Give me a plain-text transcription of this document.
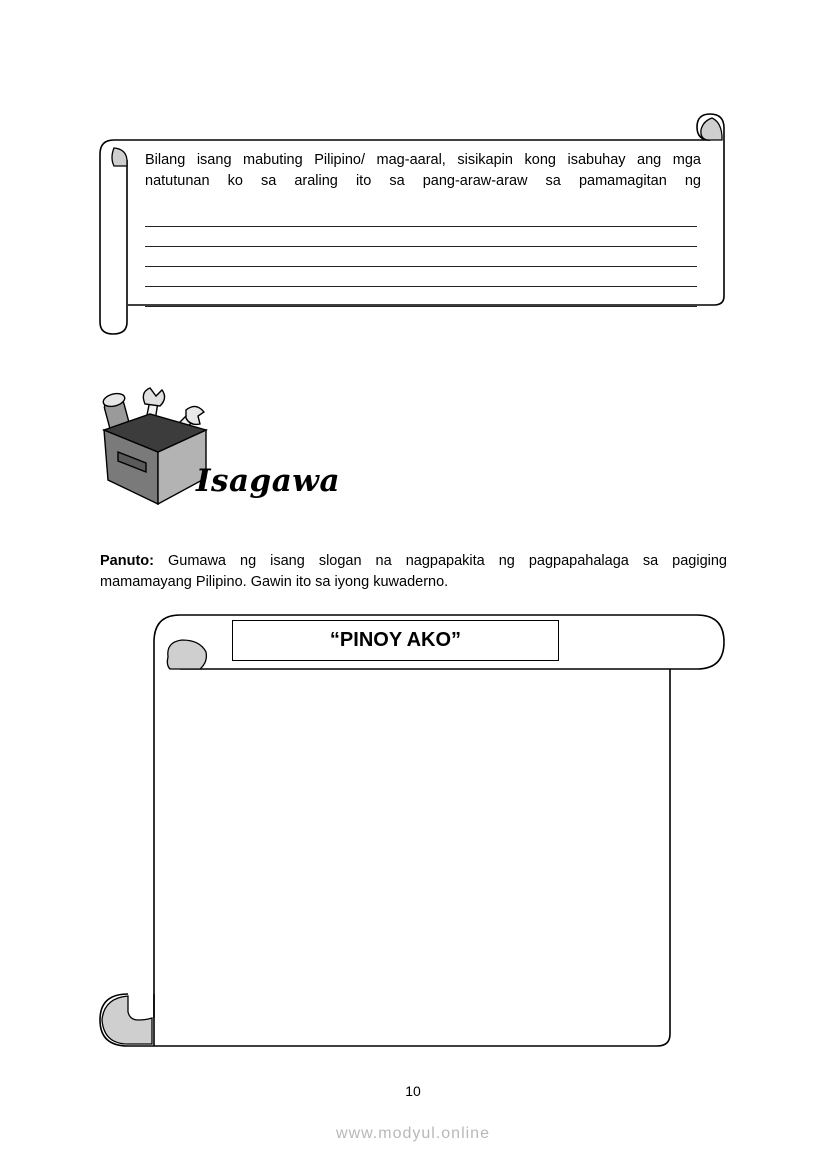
Bilang isang mabuting Pilipino/ mag-aaral, sisikapin kong isabuhay ang mga
natutunan ko sa araling ito sa pang-araw-araw sa pamamagitan ng
Isagawa
Panuto: Gumawa ng isang slogan na nagpapakita ng pagpapahalaga sa pagiging
mamamayang Pilipino. Gawin ito sa iyong kuwaderno.
“PINOY AKO”
10
www.modyul.online
